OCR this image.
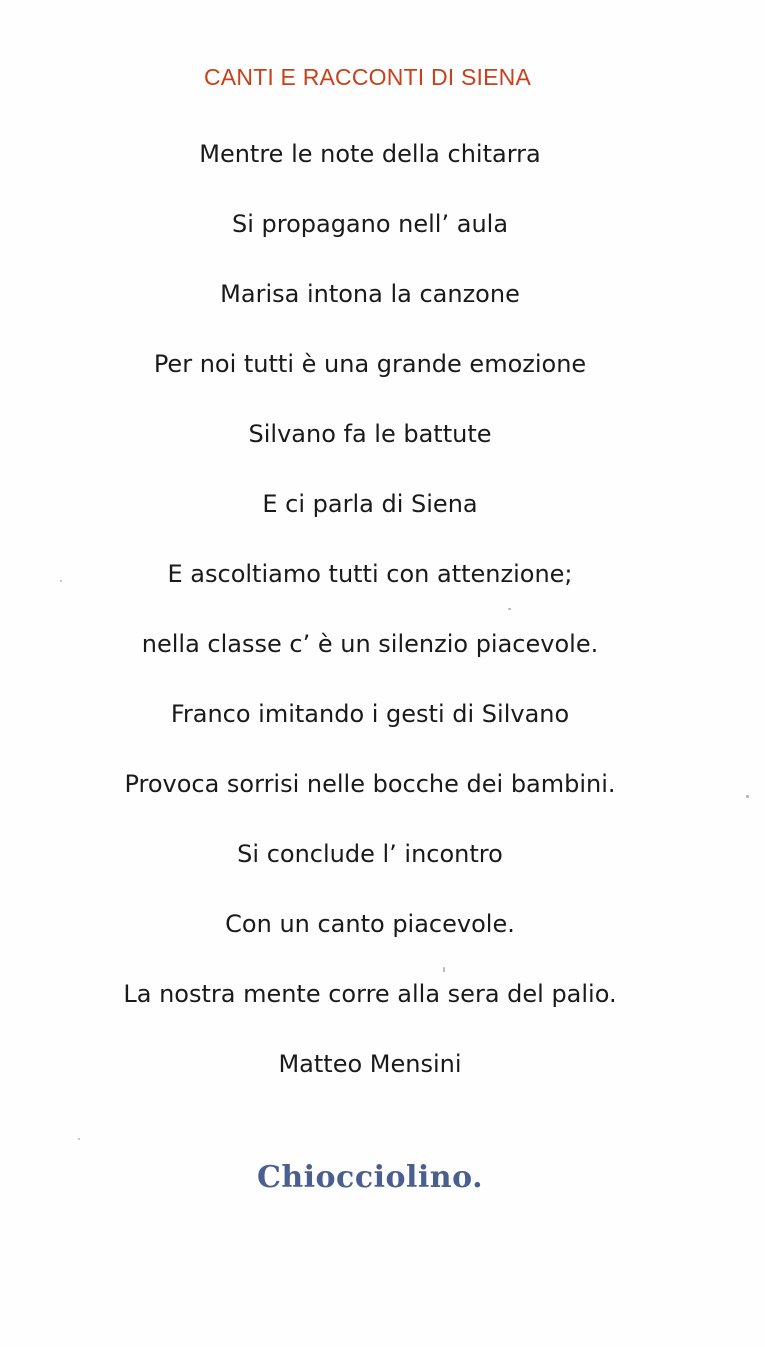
CANTI E RACCONTI DI SIENA
Mentre le note della chitarra
Si propagano nell’ aula
Marisa intona la canzone
Per noi tutti è una grande emozione
Silvano fa le battute
E ci parla di Siena
E ascoltiamo tutti con attenzione;
nella classe c’ è un silenzio piacevole.
Franco imitando i gesti di Silvano
Provoca sorrisi nelle bocche dei bambini.
Si conclude l’ incontro
Con un canto piacevole.
La nostra mente corre alla sera del palio.
Matteo Mensini
Chiocciolino.
